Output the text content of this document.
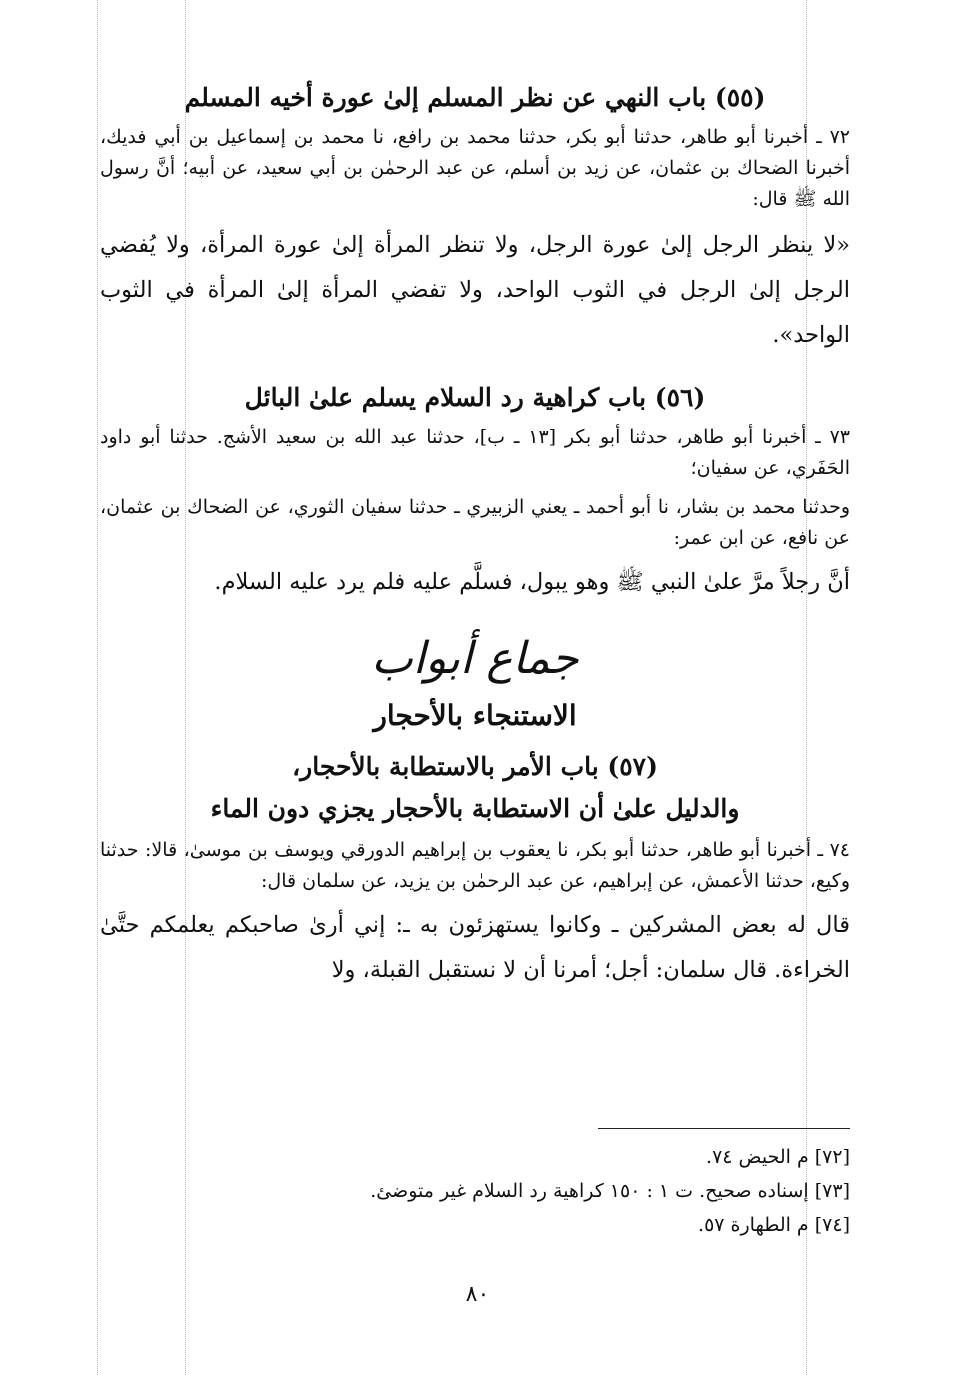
(٥٥) باب النهي عن نظر المسلم إلىٰ عورة أخيه المسلم

٧٢ ـ أخبرنا أبو طاهر، حدثنا أبو بكر، حدثنا محمد بن رافع، نا محمد بن إسماعيل بن أبي فديك، أخبرنا الضحاك بن عثمان، عن زيد بن أسلم، عن عبد الرحمٰن بن أبي سعيد، عن أبيه؛ أنَّ رسول الله ﷺ قال:

«لا ينظر الرجل إلىٰ عورة الرجل، ولا تنظر المرأة إلىٰ عورة المرأة، ولا يُفضي الرجل إلىٰ الرجل في الثوب الواحد، ولا تفضي المرأة إلىٰ المرأة في الثوب الواحد».

(٥٦) باب كراهية رد السلام يسلم علىٰ البائل

٧٣ ـ أخبرنا أبو طاهر، حدثنا أبو بكر [١٣ ـ ب]، حدثنا عبد الله بن سعيد الأشج. حدثنا أبو داود الحَفَري، عن سفيان؛

وحدثنا محمد بن بشار، نا أبو أحمد ـ يعني الزبيري ـ حدثنا سفيان الثوري، عن الضحاك بن عثمان، عن نافع، عن ابن عمر:

أنَّ رجلاً مرَّ علىٰ النبي ﷺ وهو يبول، فسلَّم عليه فلم يرد عليه السلام.

جماع أبواب

الاستنجاء بالأحجار

(٥٧) باب الأمر بالاستطابة بالأحجار،

والدليل علىٰ أن الاستطابة بالأحجار يجزي دون الماء

٧٤ ـ أخبرنا أبو طاهر، حدثنا أبو بكر، نا يعقوب بن إبراهيم الدورقي ويوسف بن موسىٰ، قالا: حدثنا وكيع، حدثنا الأعمش، عن إبراهيم، عن عبد الرحمٰن بن يزيد، عن سلمان قال:

قال له بعض المشركين ـ وكانوا يستهزئون به ـ: إني أرىٰ صاحبكم يعلمكم حتَّىٰ الخراءة. قال سلمان: أجل؛ أمرنا أن لا نستقبل القبلة، ولا

[٧٢] م الحيض ٧٤.
[٧٣] إسناده صحيح. ت ١ : ١٥٠ كراهية رد السلام غير متوضئ.
[٧٤] م الطهارة ٥٧.
٨٠
